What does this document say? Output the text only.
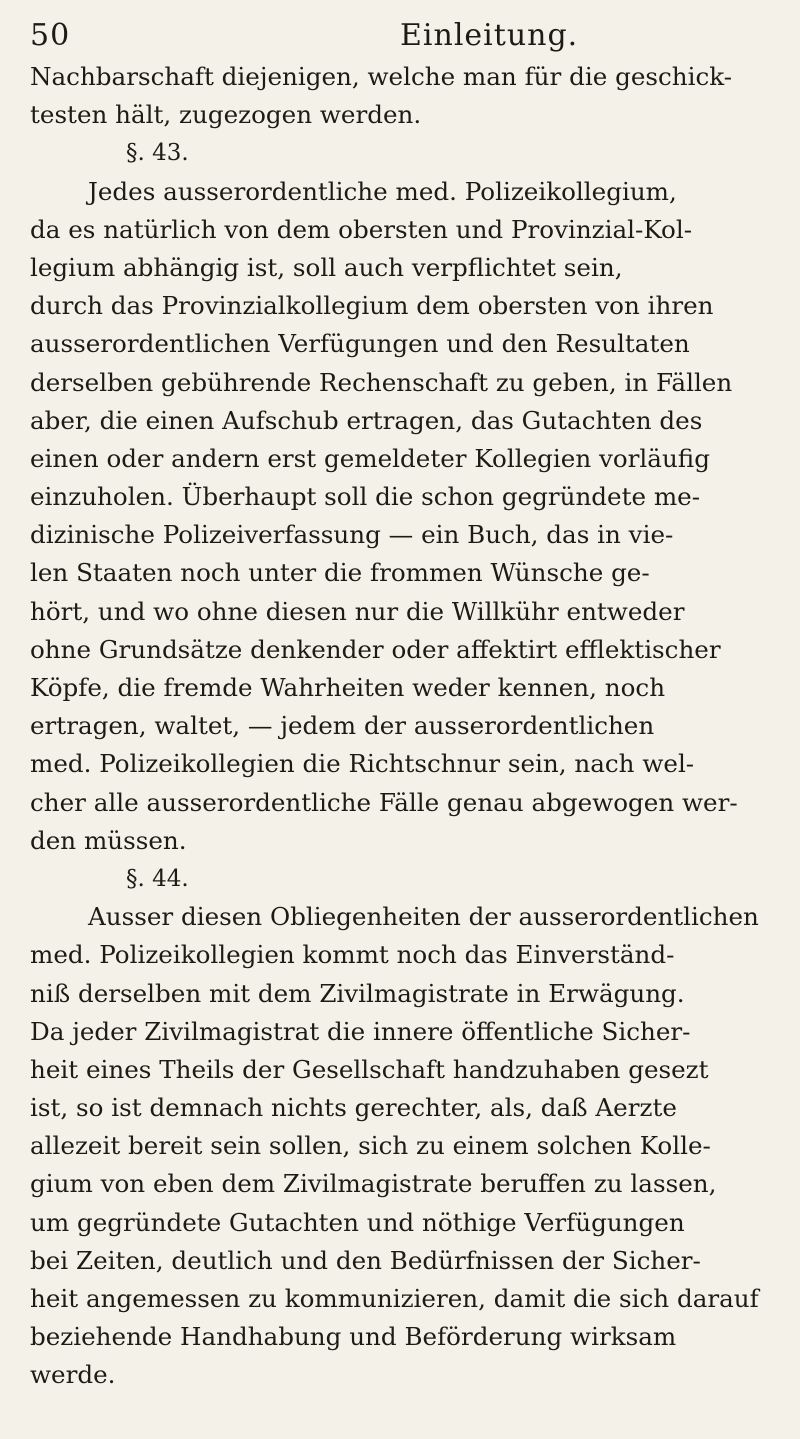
50	Einleitung.
Nachbarschaft diejenigen, welche man für die geschick-
testen hält, zugezogen werden.
§. 43.
Jedes ausserordentliche med. Polizeikollegium,
da es natürlich von dem obersten und Provinzial-Kol-
legium abhängig ist, soll auch verpflichtet sein,
durch das Provinzialkollegium dem obersten von ihren
ausserordentlichen Verfügungen und den Resultaten
derselben gebührende Rechenschaft zu geben, in Fällen
aber, die einen Aufschub ertragen, das Gutachten des
einen oder andern erst gemeldeter Kollegien vorläufig
einzuholen. Überhaupt soll die schon gegründete me-
dizinische Polizeiverfassung — ein Buch, das in vie-
len Staaten noch unter die frommen Wünsche ge-
hört, und wo ohne diesen nur die Willkühr entweder
ohne Grundsätze denkender oder affektirt efflektischer
Köpfe, die fremde Wahrheiten weder kennen, noch
ertragen, waltet, — jedem der ausserordentlichen
med. Polizeikollegien die Richtschnur sein, nach wel-
cher alle ausserordentliche Fälle genau abgewogen wer-
den müssen.
§. 44.
Ausser diesen Obliegenheiten der ausserordentlichen
med. Polizeikollegien kommt noch das Einverständ-
niß derselben mit dem Zivilmagistrate in Erwägung.
Da jeder Zivilmagistrat die innere öffentliche Sicher-
heit eines Theils der Gesellschaft handzuhaben gesezt
ist, so ist demnach nichts gerechter, als, daß Aerzte
allezeit bereit sein sollen, sich zu einem solchen Kolle-
gium von eben dem Zivilmagistrate beruffen zu lassen,
um gegründete Gutachten und nöthige Verfügungen
bei Zeiten, deutlich und den Bedürfnissen der Sicher-
heit angemessen zu kommunizieren, damit die sich darauf
beziehende Handhabung und Beförderung wirksam
werde.
